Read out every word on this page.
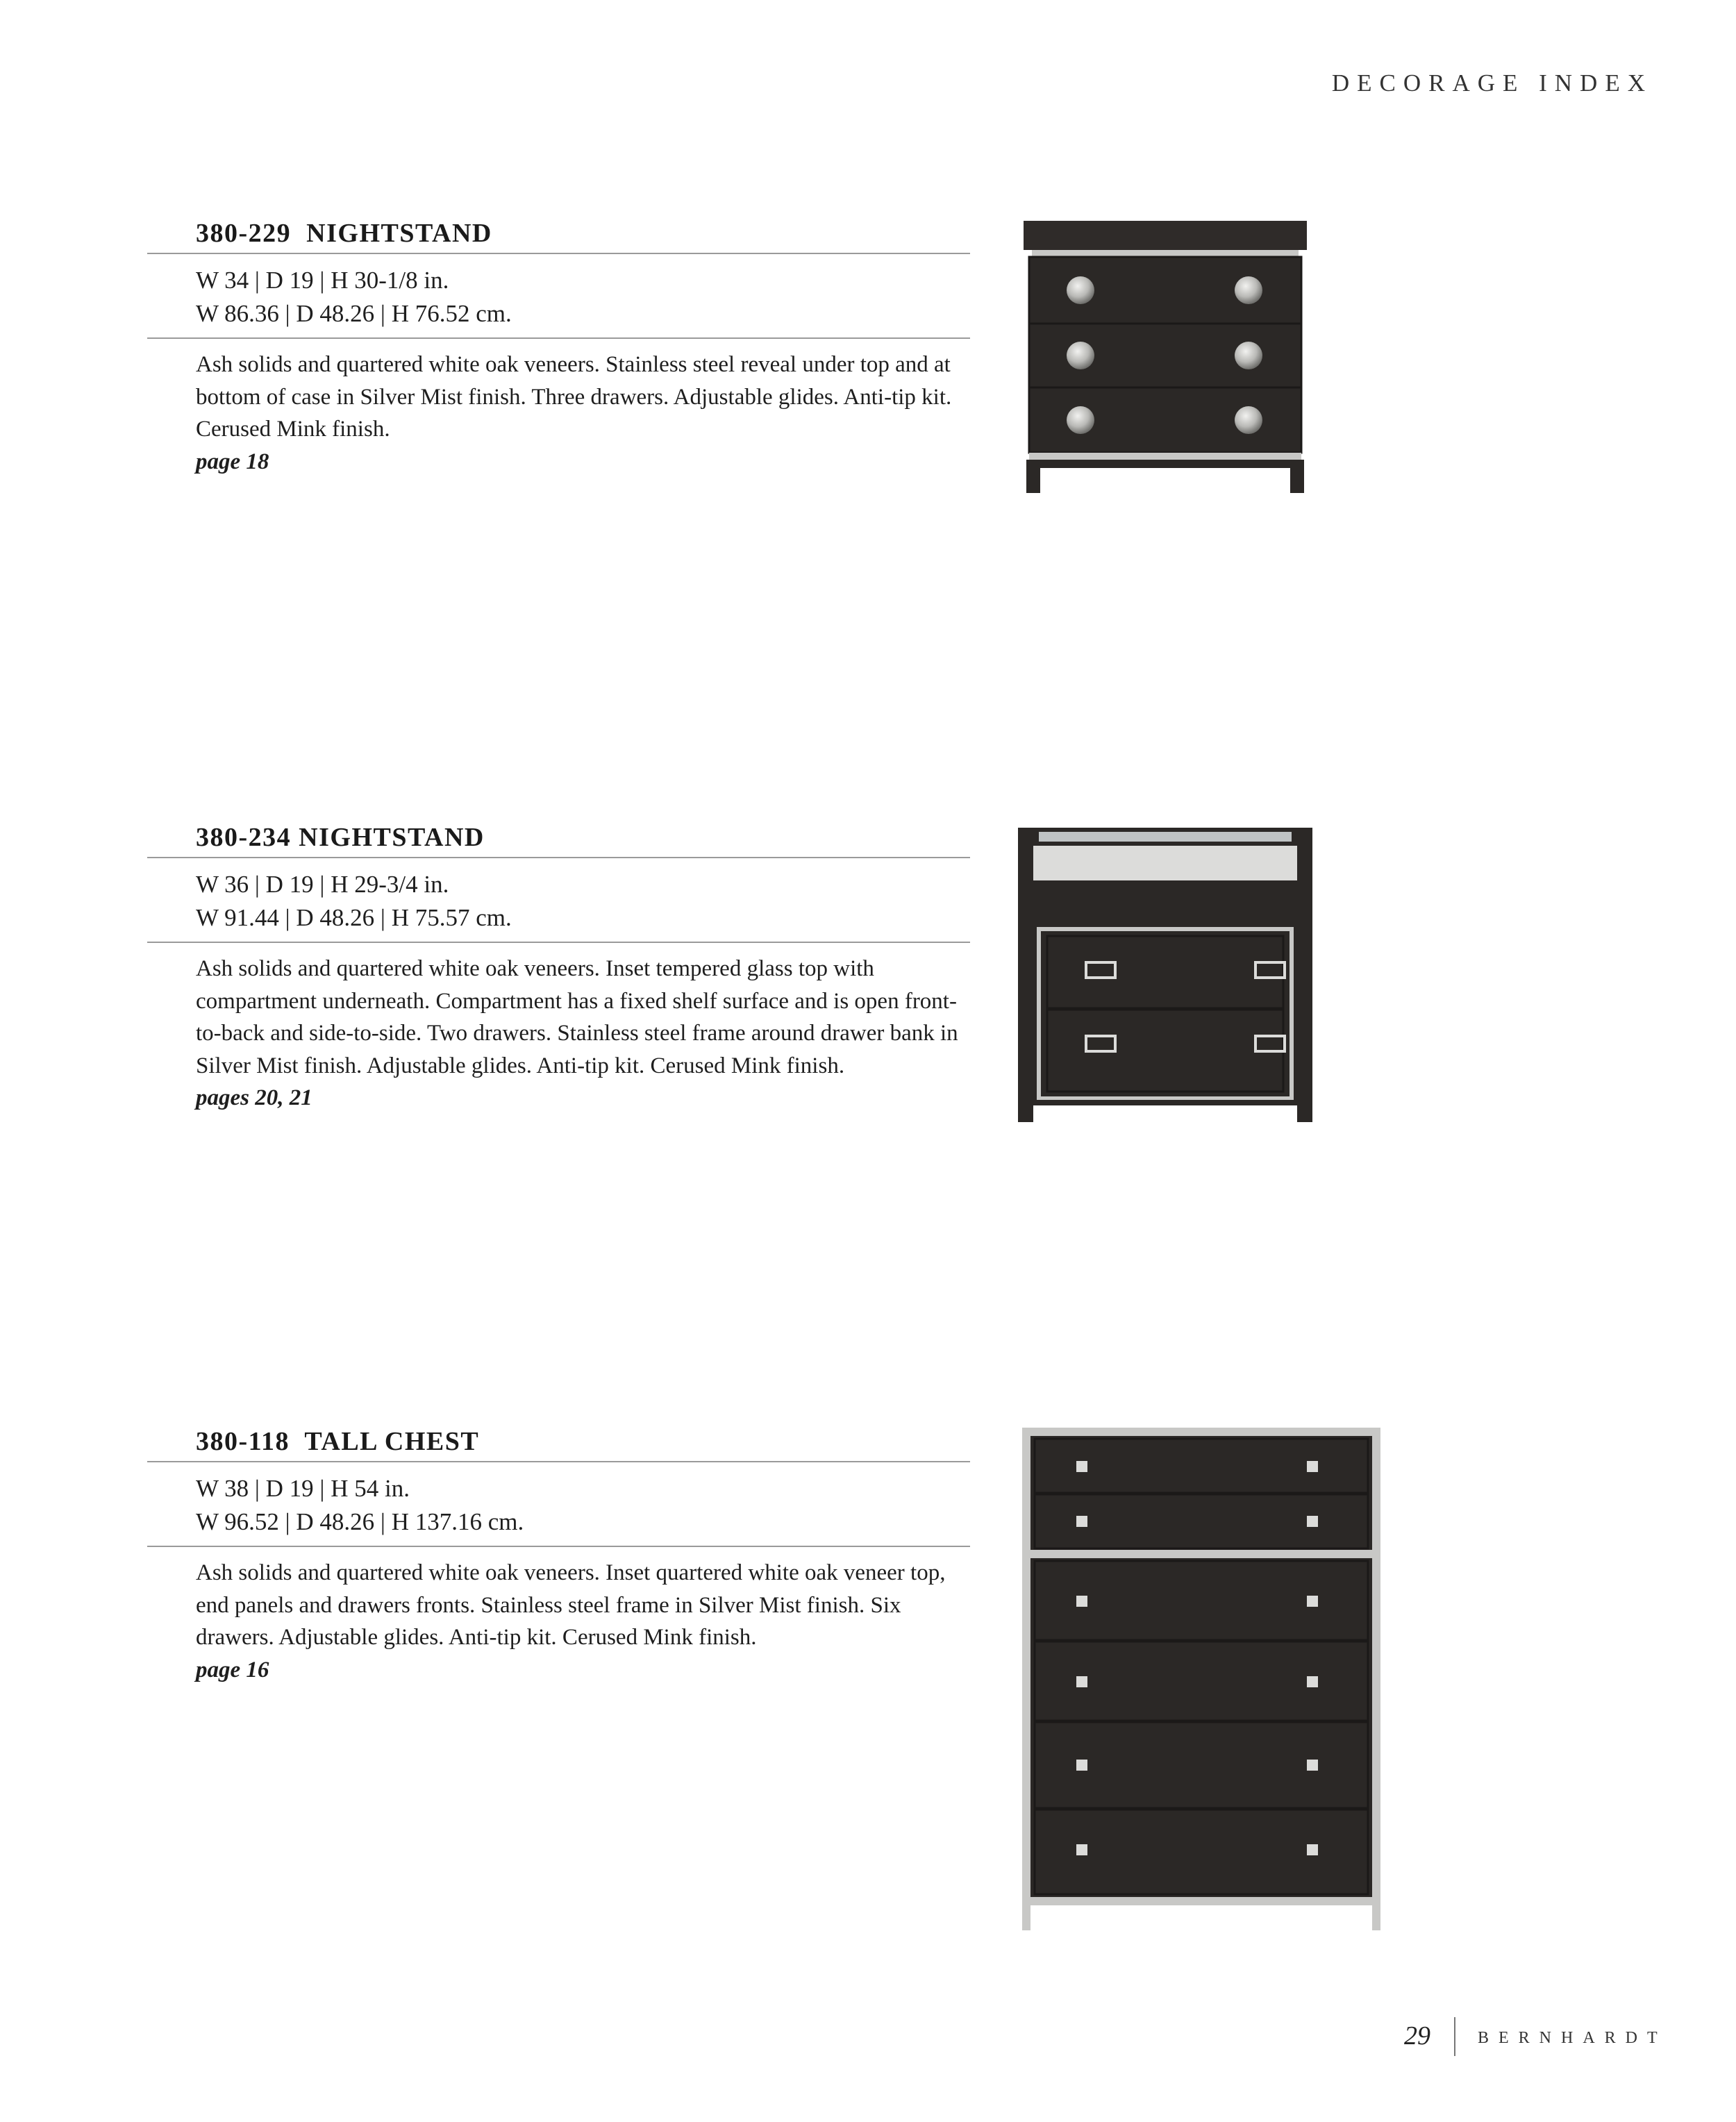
DECORAGE INDEX
380-229  NIGHTSTAND
W 34 | D 19 | H 30-1/8 in.
W 86.36 | D 48.26 | H 76.52 cm.
Ash solids and quartered white oak veneers. Stainless steel reveal under top and at bottom of case in Silver Mist finish. Three drawers. Adjustable glides. Anti-tip kit. Cerused Mink finish.
page 18
380-234 NIGHTSTAND
W 36 | D 19 | H 29-3/4 in.
W 91.44 | D 48.26 | H 75.57 cm.
Ash solids and quartered white oak veneers. Inset tempered glass top with compartment underneath. Compartment has a fixed shelf surface and is open front-to-back and side-to-side. Two drawers. Stainless steel frame around drawer bank in Silver Mist finish. Adjustable glides. Anti-tip kit. Cerused Mink finish.
pages 20, 21
380-118  TALL CHEST
W 38 | D 19 | H 54 in.
W 96.52 | D 48.26 | H 137.16 cm.
Ash solids and quartered white oak veneers. Inset quartered white oak veneer top, end panels and drawers fronts. Stainless steel frame in Silver Mist finish. Six drawers. Adjustable glides. Anti-tip kit. Cerused Mink finish.
page 16
29	BERNHARDT
